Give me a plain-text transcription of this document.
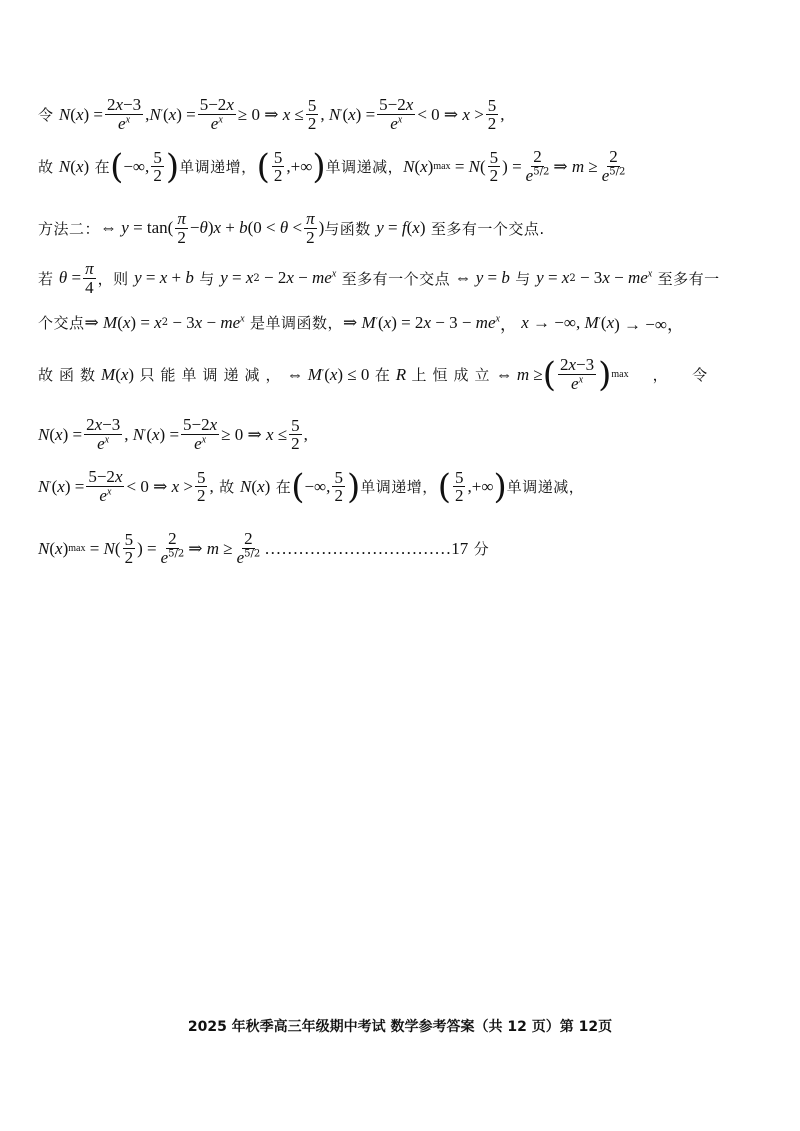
令
N ( x ) = $\frac{2x-3}{e^x}$ , N ′ ( x ) = $\frac{5-2x}{e^x} \ge 0$ ⇒ $x \le \frac{5}{2}$ , N ′ ( x ) = $\frac{5-2x}{e^x} < 0$ ⇒ $x > \frac{5}{2}$ ,
故
N ( x )
在 ( −∞, $\frac{5}{2}$ ) 单调递增， ( $\frac{5}{2}$ ,+∞ ) 单调递减， N ( x ) max = N ( $\frac{5}{2}$ ) = $\frac{2}{e^{5/2}}$ ⇒ $m \ge \frac{2}{e^{5/2}}$
方法二： ⇔ $y = \tan( \frac{\pi}{2} - \theta$ ) x + b ($0 < \theta < \frac{\pi}{2}$ ) 与函数
y = f ( x )
至多有一个交点.
若
$\theta = \frac{\pi}{4}$ ，则
y = x + b
与
y = x 2 − 2 $x - me^x$
至多有一个交点 ⇔ y = b
与
y = x 2 − 3 $x - me^x$
至多有一
个交点 ⇒ M ( x ) = x 2 − 3 $x - me^x$
是单调函数， ⇒ M ′ ( x ) = 2 $x - 3 - me^x$ ， x → −∞, M ′ ( x ) → −∞，
故函数 M ( x )
只能单调递减， ⇔ M ′ ( x ) ≤ 0
在
R
上恒成立 ⇔ m ≥ ( $\frac{2x-3}{e^x}$ ) max ， 令
N ( x ) = $\frac{2x-3}{e^x}$ , N ′ ( x ) = $\frac{5-2x}{e^x} \ge 0$ ⇒ $x \le \frac{5}{2}$ ,
N ′ ( x ) = $\frac{5-2x}{e^x} < 0$ ⇒ $x > \frac{5}{2}$ ,
故
N ( x )
在 ( −∞, $\frac{5}{2}$ ) 单调递增， ( $\frac{5}{2}$ ,+∞ ) 单调递减，
N ( x ) max = N ( $\frac{5}{2}$ ) = $\frac{2}{e^{5/2}}$ ⇒ $m \ge \frac{2}{e^{5/2}}$ ……………………………17
分
2025 年秋季高三年级期中考试 数学参考答案（共 12 页）第 12页
